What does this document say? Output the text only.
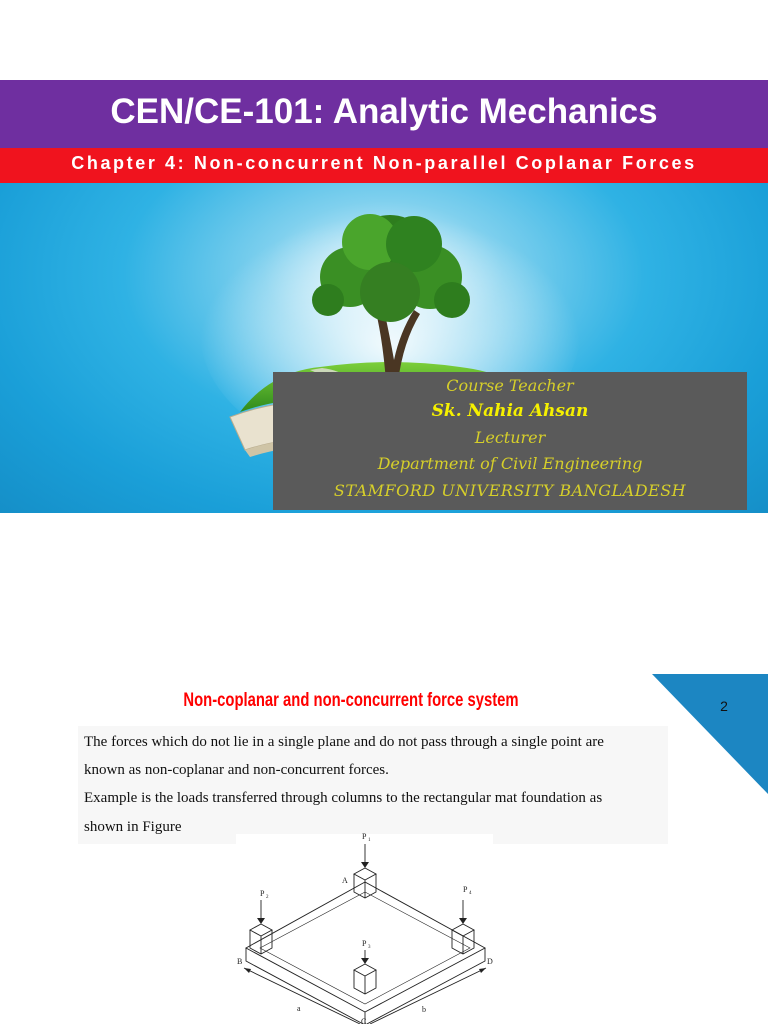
CEN/CE-101: Analytic Mechanics
Chapter 4: Non-concurrent Non-parallel Coplanar Forces
Course Teacher
Sk. Nahia Ahsan
Lecturer
Department of Civil Engineering
STAMFORD UNIVERSITY BANGLADESH
2
Non-coplanar and non-concurrent force system
The forces which do not lie in a single plane and do not pass through a single point are
known as non-coplanar and non-concurrent forces.
Example is the loads transferred through columns to the rectangular mat foundation as
shown in Figure
P 1
P 2
P 3
P 4
A
B
C
D
a	b
